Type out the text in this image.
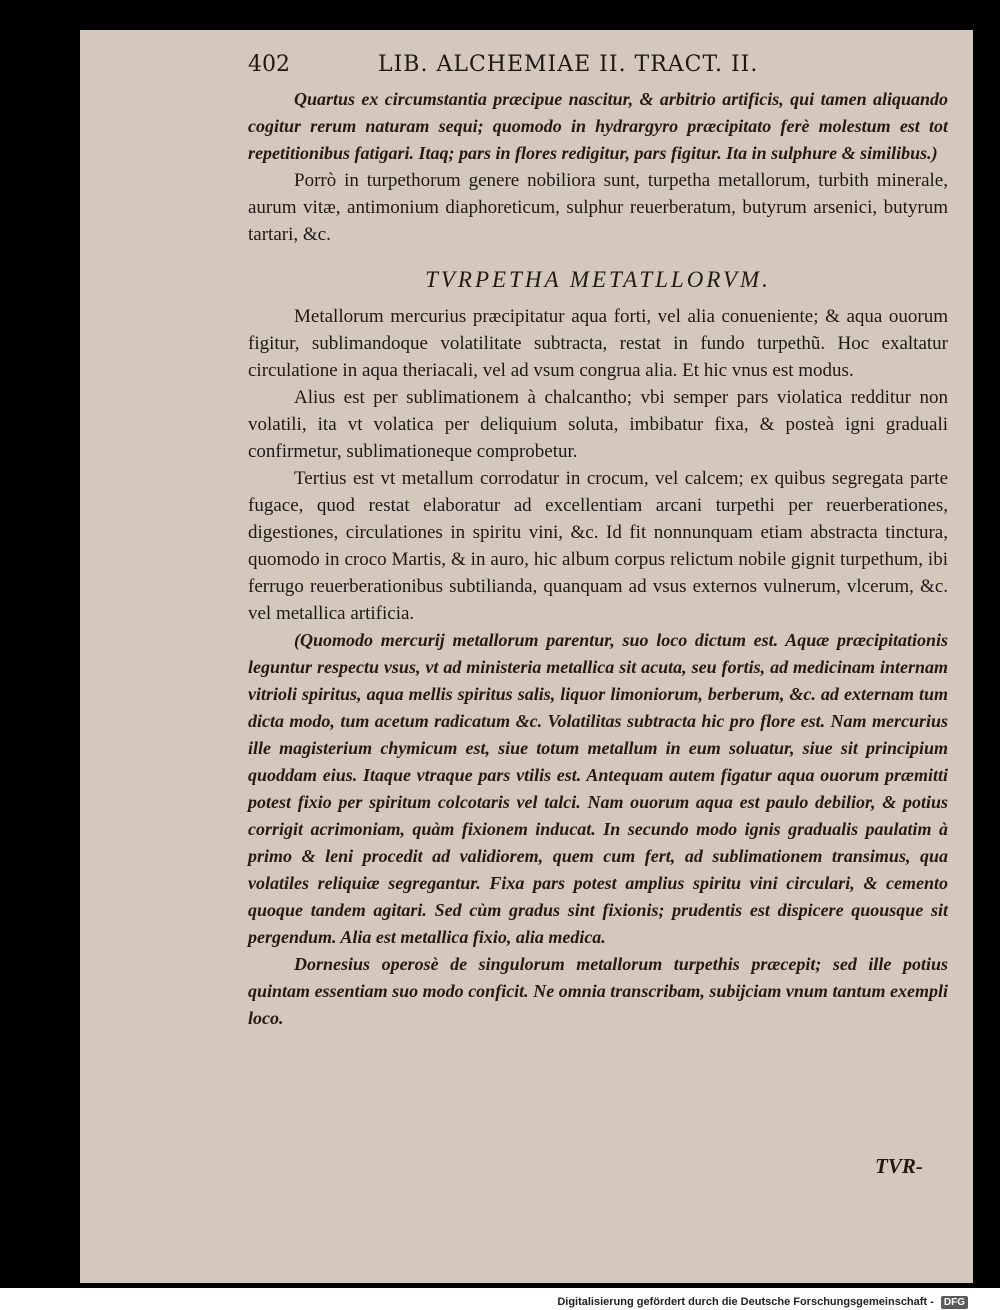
402	LIB. ALCHEMIAE II. TRACT. II.

Quartus ex circumstantia præcipue nascitur, & arbitrio artificis, qui tamen aliquando cogitur rerum naturam sequi; quomodo in hydrargyro præcipitato ferè molestum est tot repetitionibus fatigari. Itaq; pars in flores redigitur, pars figitur. Ita in sulphure & similibus.)

Porrò in turpethorum genere nobiliora sunt, turpetha metallorum, turbith minerale, aurum vitæ, antimonium diaphoreticum, sulphur reuerberatum, butyrum arsenici, butyrum tartari, &c.

TVRPETHA METATLLORVM.

Metallorum mercurius præcipitatur aqua forti, vel alia conueniente; & aqua ouorum figitur, sublimandoque volatilitate subtracta, restat in fundo turpethũ. Hoc exaltatur circulatione in aqua theriacali, vel ad vsum congrua alia. Et hic vnus est modus.

Alius est per sublimationem à chalcantho; vbi semper pars violatica redditur non volatili, ita vt volatica per deliquium soluta, imbibatur fixa, & posteà igni graduali confirmetur, sublimationeque comprobetur.

Tertius est vt metallum corrodatur in crocum, vel calcem; ex quibus segregata parte fugace, quod restat elaboratur ad excellentiam arcani turpethi per reuerberationes, digestiones, circulationes in spiritu vini, &c. Id fit nonnunquam etiam abstracta tinctura, quomodo in croco Martis, & in auro, hic album corpus relictum nobile gignit turpethum, ibi ferrugo reuerberationibus subtilianda, quanquam ad vsus externos vulnerum, vlcerum, &c. vel metallica artificia.

(Quomodo mercurij metallorum parentur, suo loco dictum est. Aquæ præcipitationis leguntur respectu vsus, vt ad ministeria metallica sit acuta, seu fortis, ad medicinam internam vitrioli spiritus, aqua mellis spiritus salis, liquor limoniorum, berberum, &c. ad externam tum dicta modo, tum acetum radicatum &c. Volatilitas subtracta hic pro flore est. Nam mercurius ille magisterium chymicum est, siue totum metallum in eum soluatur, siue sit principium quoddam eius. Itaque vtraque pars vtilis est. Antequam autem figatur aqua ouorum præmitti potest fixio per spiritum colcotaris vel talci. Nam ouorum aqua est paulo debilior, & potius corrigit acrimoniam, quàm fixionem inducat. In secundo modo ignis gradualis paulatim à primo & leni procedit ad validiorem, quem cum fert, ad sublimationem transimus, qua volatiles reliquiæ segregantur. Fixa pars potest amplius spiritu vini circulari, & cemento quoque tandem agitari. Sed cùm gradus sint fixionis; prudentis est dispicere quousque sit pergendum. Alia est metallica fixio, alia medica.

Dornesius operosè de singulorum metallorum turpethis præcepit; sed ille potius quintam essentiam suo modo conficit. Ne omnia transcribam, subijciam vnum tantum exempli loco.

TVR-
Digitalisierung gefördert durch die Deutsche Forschungsgemeinschaft - DFG
